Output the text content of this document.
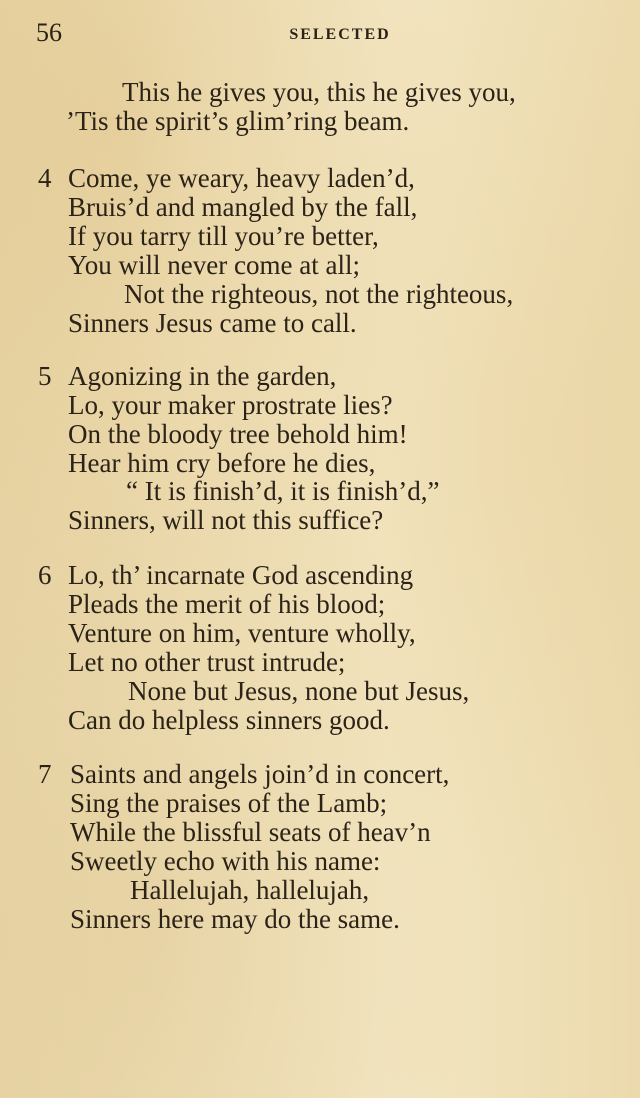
56	SELECTED
This he gives you, this he gives you,
’Tis the spirit’s glim’ring beam.
4 Come, ye weary, heavy laden’d,
Bruis’d and mangled by the fall,
If you tarry till you’re better,
You will never come at all;
Not the righteous, not the righteous,
Sinners Jesus came to call.
5 Agonizing in the garden,
Lo, your maker prostrate lies?
On the bloody tree behold him!
Hear him cry before he dies,
“ It is finish’d, it is finish’d,”
Sinners, will not this suffice?
6 Lo, th’ incarnate God ascending
Pleads the merit of his blood;
Venture on him, venture wholly,
Let no other trust intrude;
None but Jesus, none but Jesus,
Can do helpless sinners good.
7 Saints and angels join’d in concert,
Sing the praises of the Lamb;
While the blissful seats of heav’n
Sweetly echo with his name:
Hallelujah, hallelujah,
Sinners here may do the same.
